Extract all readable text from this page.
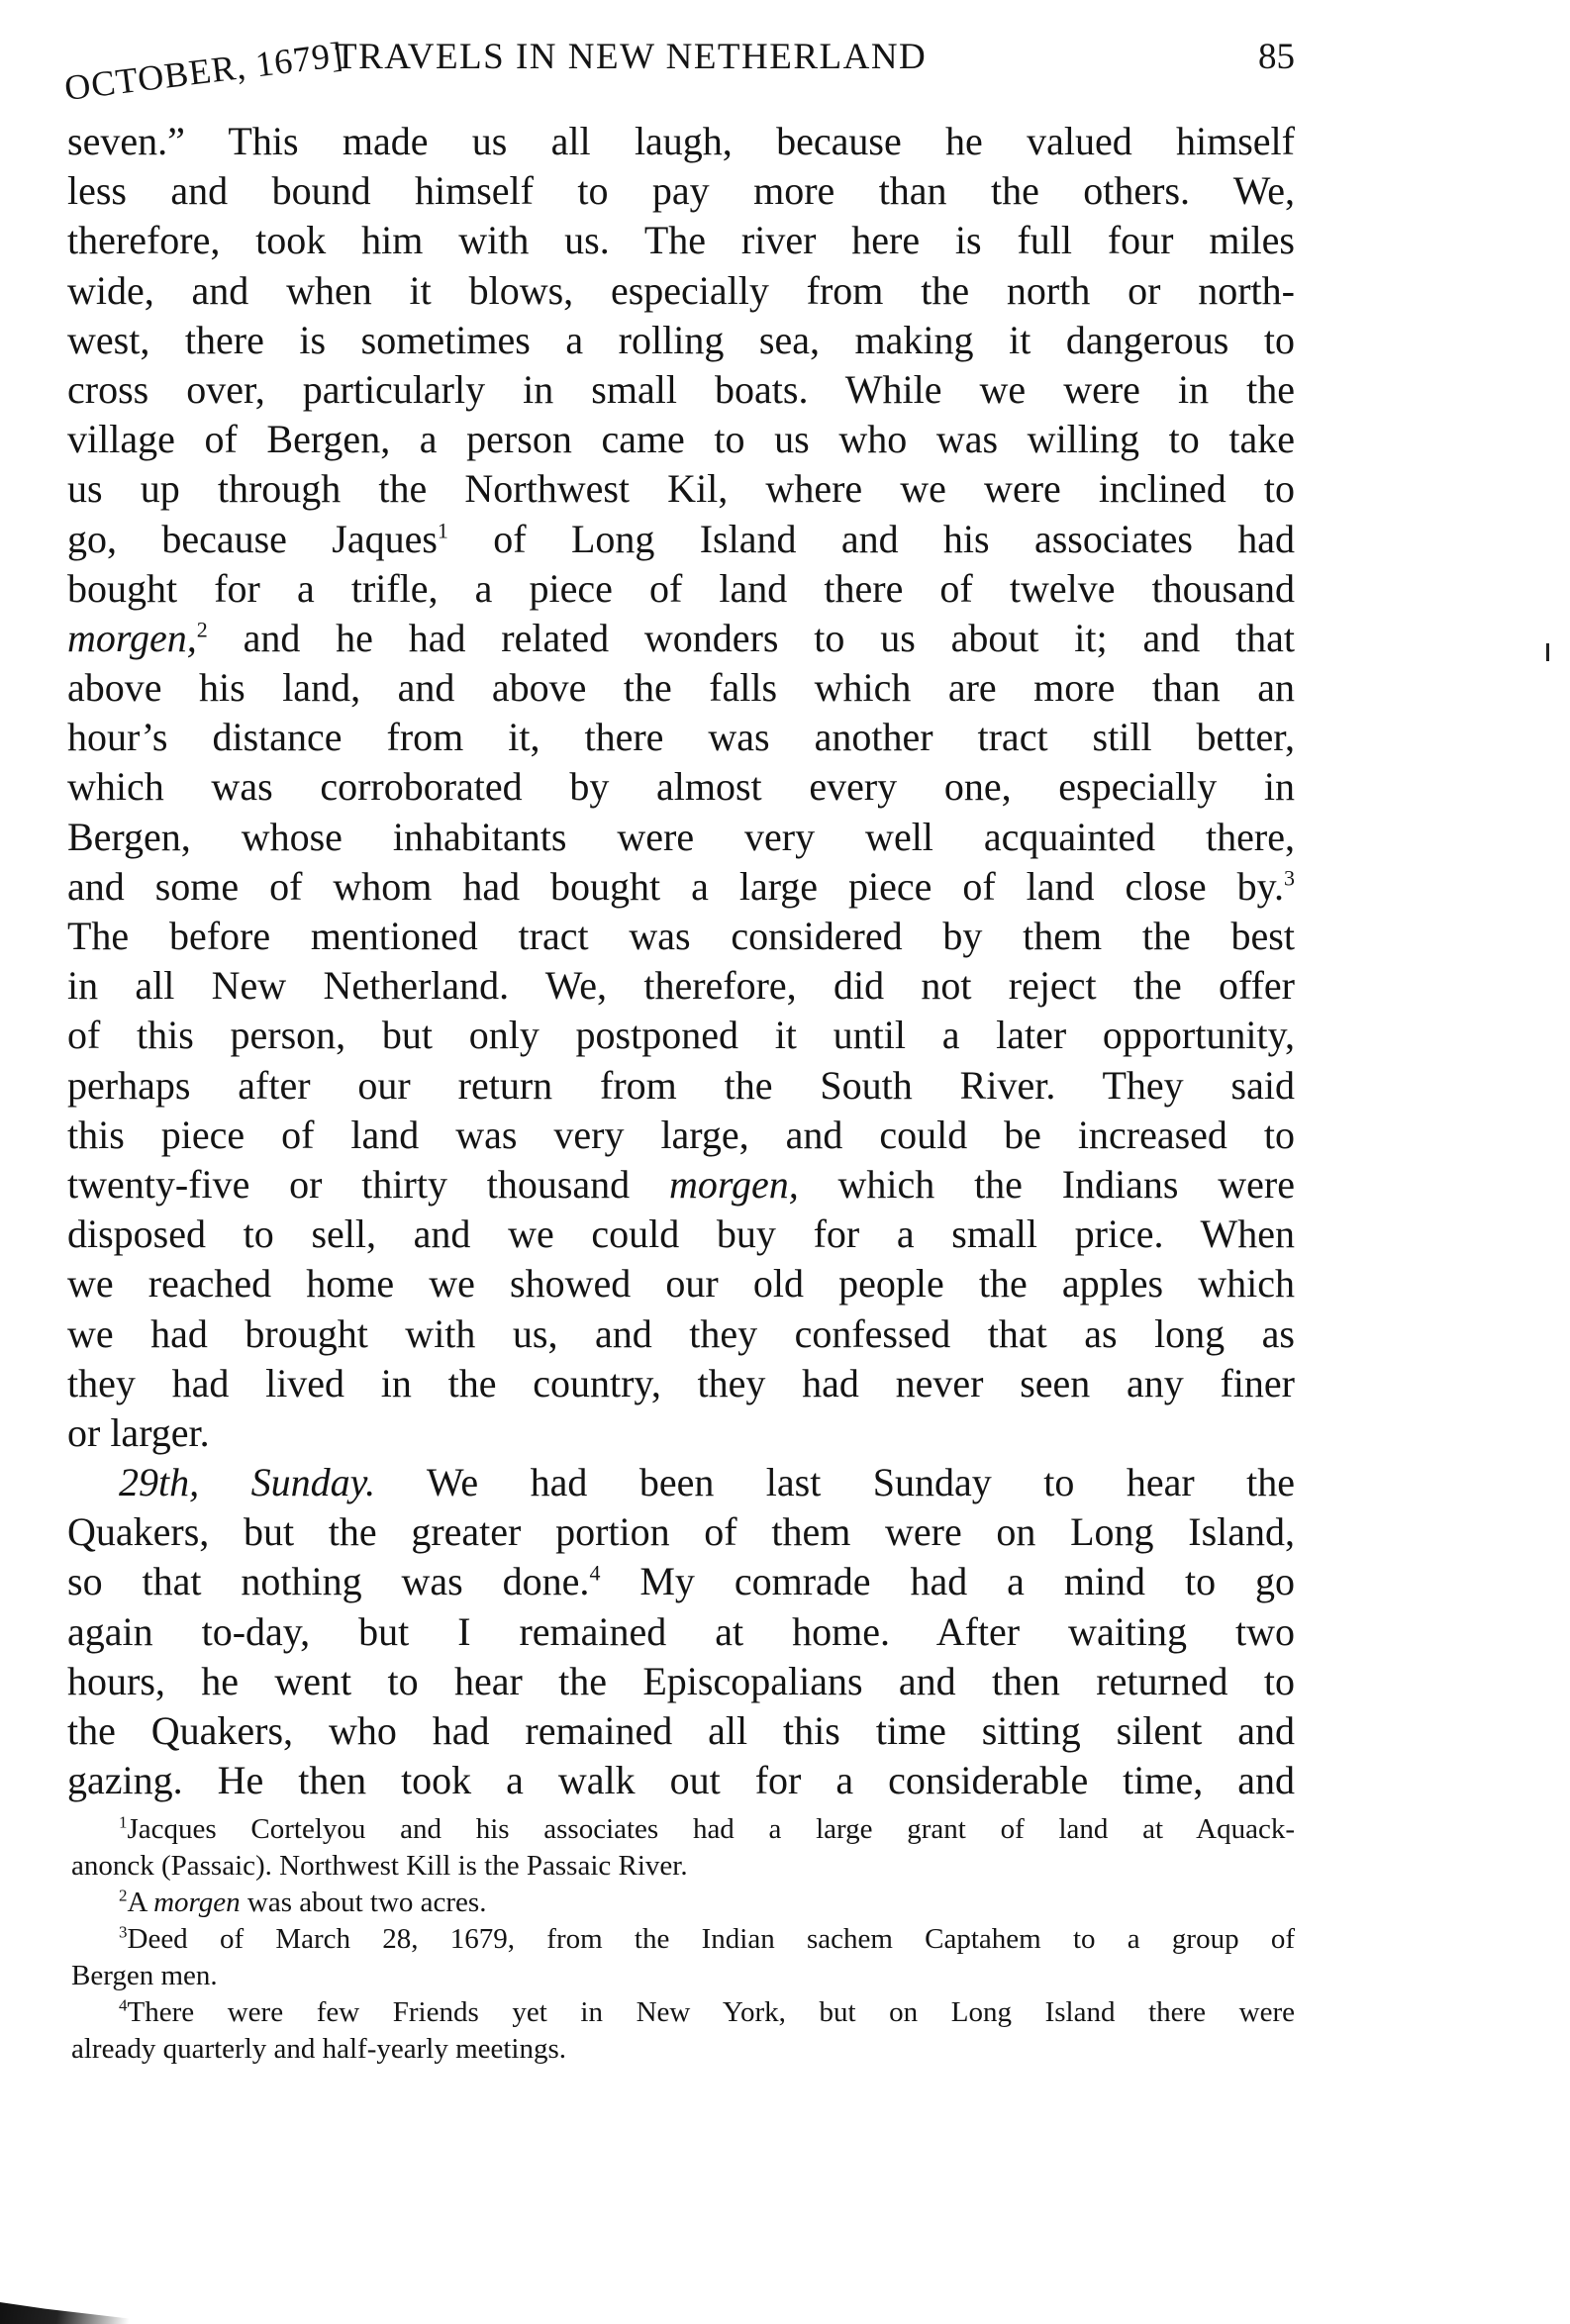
OCTOBER, 1679]
TRAVELS IN NEW NETHERLAND	85
seven.” This made us all laugh, because he valued himself
less and bound himself to pay more than the others. We,
therefore, took him with us. The river here is full four miles
wide, and when it blows, especially from the north or north-
west, there is sometimes a rolling sea, making it dangerous to
cross over, particularly in small boats. While we were in the
village of Bergen, a person came to us who was willing to take
us up through the Northwest Kil, where we were inclined to
go, because Jaques$^1$ of Long Island and his associates had
bought for a trifle, a piece of land there of twelve thousand
morgen,$^2$ and he had related wonders to us about it; and that
above his land, and above the falls which are more than an
hour’s distance from it, there was another tract still better,
which was corroborated by almost every one, especially in
Bergen, whose inhabitants were very well acquainted there,
and some of whom had bought a large piece of land close by.$^3$
The before mentioned tract was considered by them the best
in all New Netherland. We, therefore, did not reject the offer
of this person, but only postponed it until a later opportunity,
perhaps after our return from the South River. They said
this piece of land was very large, and could be increased to
twenty-five or thirty thousand morgen, which the Indians were
disposed to sell, and we could buy for a small price. When
we reached home we showed our old people the apples which
we had brought with us, and they confessed that as long as
they had lived in the country, they had never seen any finer
or larger.
29th, Sunday. We had been last Sunday to hear the
Quakers, but the greater portion of them were on Long Island,
so that nothing was done.$^4$ My comrade had a mind to go
again to-day, but I remained at home. After waiting two
hours, he went to hear the Episcopalians and then returned to
the Quakers, who had remained all this time sitting silent and
gazing. He then took a walk out for a considerable time, and
$^1$Jacques Cortelyou and his associates had a large grant of land at Aquack-
anonck (Passaic). Northwest Kill is the Passaic River.
$^2$A morgen was about two acres.
$^3$Deed of March 28, 1679, from the Indian sachem Captahem to a group of
Bergen men.
$^4$There were few Friends yet in New York, but on Long Island there were
already quarterly and half-yearly meetings.
